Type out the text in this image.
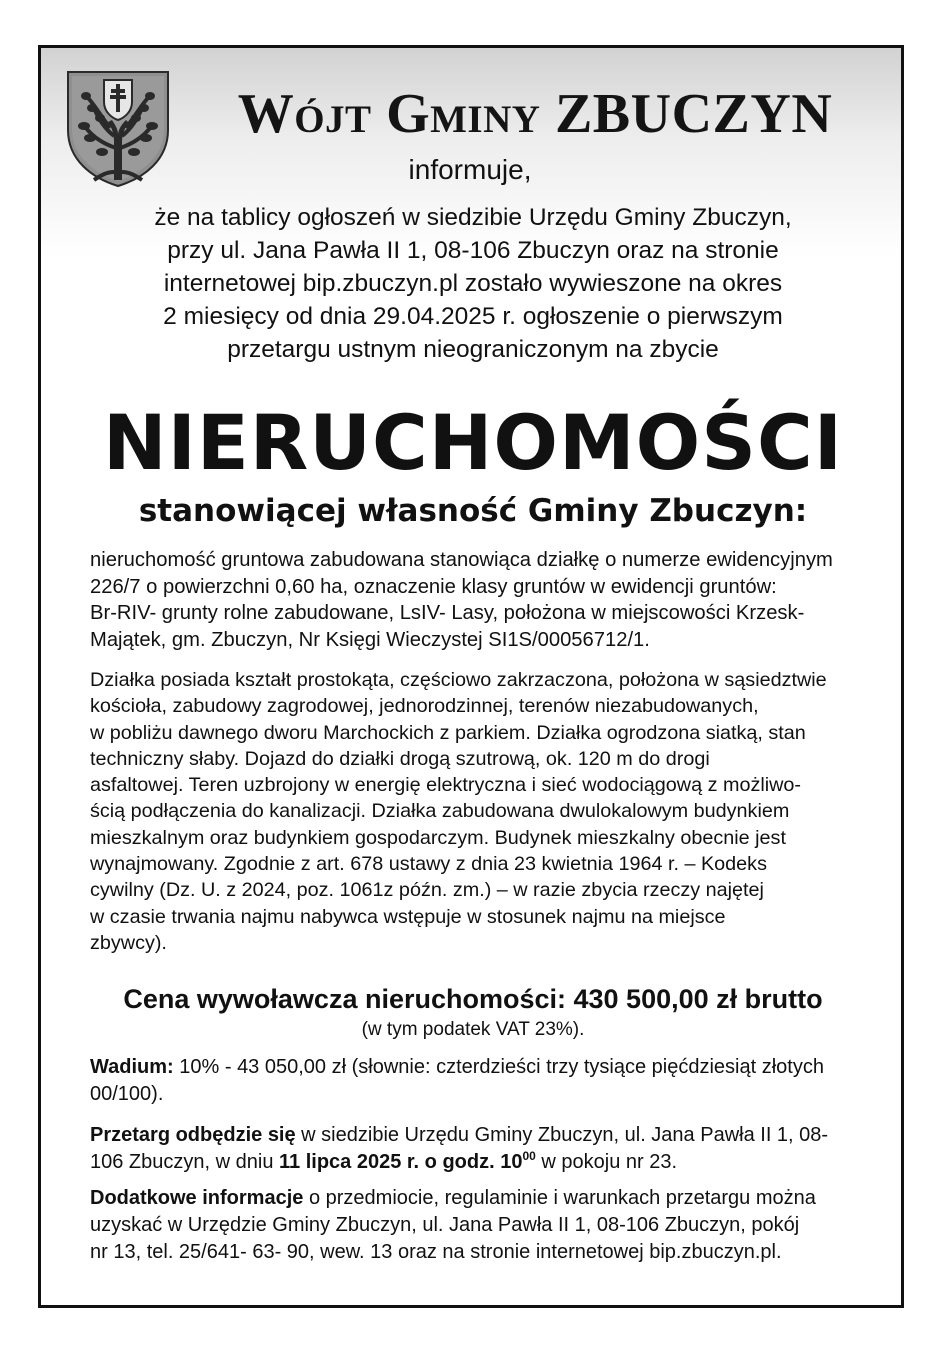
Wójt Gminy ZBUCZYN
informuje,
że na tablicy ogłoszeń w siedzibie Urzędu Gminy Zbuczyn,
przy ul. Jana Pawła II 1, 08-106 Zbuczyn oraz na stronie
internetowej bip.zbuczyn.pl zostało wywieszone na okres
2 miesięcy od dnia 29.04.2025 r. ogłoszenie o pierwszym
przetargu ustnym nieograniczonym na zbycie
NIERUCHOMOŚCI
stanowiącej własność Gminy Zbuczyn:
nieruchomość gruntowa zabudowana stanowiąca działkę o numerze ewidencyjnym
226/7 o powierzchni 0,60 ha, oznaczenie klasy gruntów w ewidencji gruntów:
Br-RIV- grunty rolne zabudowane, LsIV- Lasy, położona w miejscowości Krzesk-
Majątek, gm. Zbuczyn, Nr Księgi Wieczystej SI1S/00056712/1.
Działka posiada kształt prostokąta, częściowo zakrzaczona, położona w sąsiedztwie
kościoła, zabudowy zagrodowej, jednorodzinnej, terenów niezabudowanych,
w pobliżu dawnego dworu Marchockich z parkiem. Działka ogrodzona siatką, stan
techniczny słaby. Dojazd do działki drogą szutrową, ok. 120 m do drogi
asfaltowej. Teren uzbrojony w energię elektryczna i sieć wodociągową z możliwo-
ścią podłączenia do kanalizacji. Działka zabudowana dwulokalowym budynkiem
mieszkalnym oraz budynkiem gospodarczym. Budynek mieszkalny obecnie jest
wynajmowany. Zgodnie z art. 678 ustawy z dnia 23 kwietnia 1964 r. – Kodeks
cywilny (Dz. U. z 2024, poz. 1061z późn. zm.) – w razie zbycia rzeczy najętej
w czasie trwania najmu nabywca wstępuje w stosunek najmu na miejsce
zbywcy).
Cena wywoławcza nieruchomości: 430 500,00 zł brutto
(w tym podatek VAT 23%).
Wadium: 10% - 43 050,00 zł (słownie: czterdzieści trzy tysiące pięćdziesiąt złotych
00/100).
Przetarg odbędzie się w siedzibie Urzędu Gminy Zbuczyn, ul. Jana Pawła II 1, 08-
106 Zbuczyn, w dniu 11 lipca 2025 r. o godz. $10^{00}$ w pokoju nr 23.
Dodatkowe informacje o przedmiocie, regulaminie i warunkach przetargu można
uzyskać w Urzędzie Gminy Zbuczyn, ul. Jana Pawła II 1, 08-106 Zbuczyn, pokój
nr 13, tel. 25/641- 63- 90, wew. 13 oraz na stronie internetowej bip.zbuczyn.pl.
